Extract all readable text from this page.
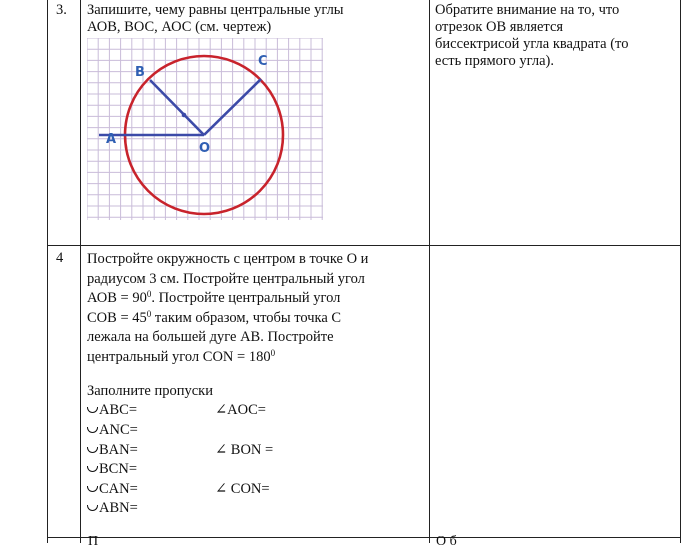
3. Запишите, чему равны центральные углы
АОВ, ВОС, АОС (см. чертеж)
Обратите внимание на то, что
отрезок ОВ является
биссектрисой угла квадрата (то
есть прямого угла).
A
B
C
O
4 Постройте окружность с центром в точке О и
радиусом 3 см. Постройте центральный угол
АОВ = $90^0$. Постройте центральный угол
СОВ = $45^0$ таким образом, чтобы точка С
лежала на большей дуге АВ. Постройте
центральный угол CON = $180^0$
Заполните пропуски
ABC=	∠AOC=
ANC=
BAN=	∠ BON =
BCN=
CAN=	∠ CON=
ABN=
П	О б
